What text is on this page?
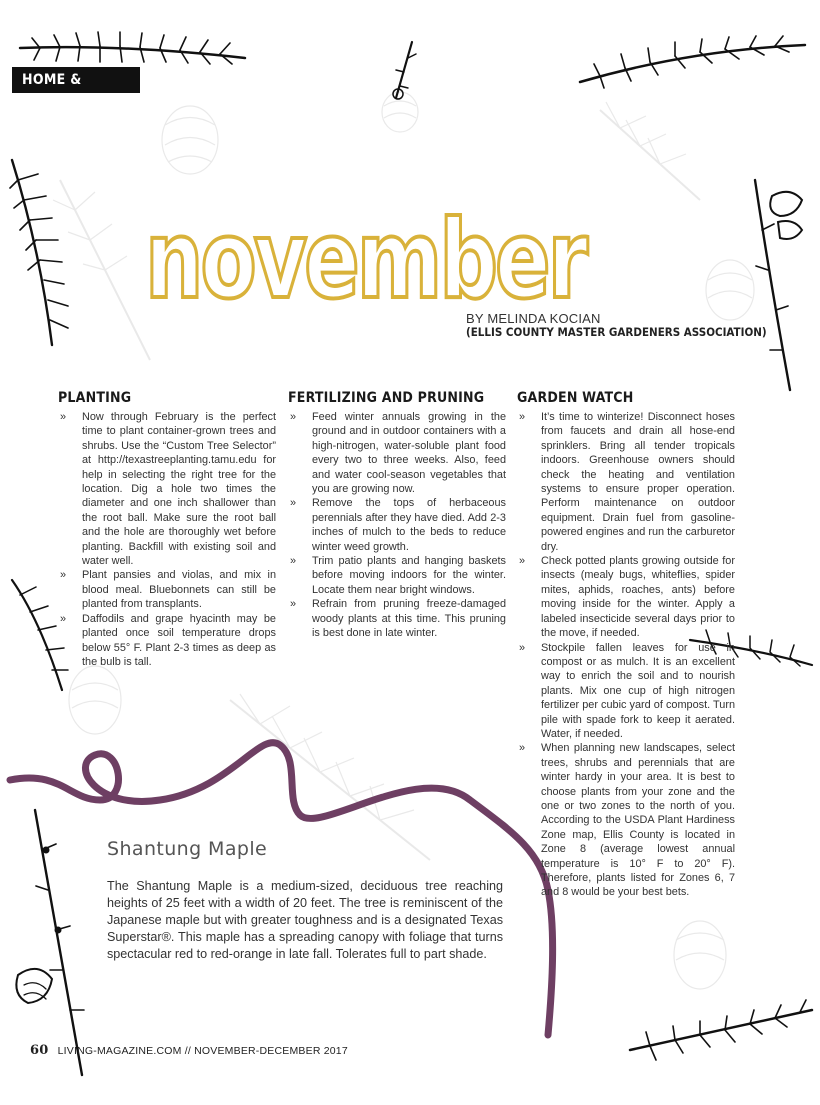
HOME & GARDEN
november
BY MELINDA KOCIAN
(ELLIS COUNTY MASTER GARDENERS ASSOCIATION)
PLANTING
» Now through February is the perfect time to plant container-grown trees and shrubs. Use the “Custom Tree Selector” at http://texastreeplanting.tamu.edu for help in selecting the right tree for the location. Dig a hole two times the diameter and one inch shallower than the root ball. Make sure the root ball and the hole are thoroughly wet before planting. Backfill with existing soil and water well.
» Plant pansies and violas, and mix in blood meal. Bluebonnets can still be planted from transplants.
» Daffodils and grape hyacinth may be planted once soil temperature drops below 55° F. Plant 2-3 times as deep as the bulb is tall.
FERTILIZING AND PRUNING
» Feed winter annuals growing in the ground and in outdoor containers with a high-nitrogen, water-soluble plant food every two to three weeks. Also, feed and water cool-season vegetables that you are growing now.
» Remove the tops of herbaceous perennials after they have died. Add 2-3 inches of mulch to the beds to reduce winter weed growth.
» Trim patio plants and hanging baskets before moving indoors for the winter. Locate them near bright windows.
» Refrain from pruning freeze-damaged woody plants at this time. This pruning is best done in late winter.
GARDEN WATCH
» It’s time to winterize! Disconnect hoses from faucets and drain all hose-end sprinklers. Bring all tender tropicals indoors. Greenhouse owners should check the heating and ventilation systems to ensure proper operation. Perform maintenance on outdoor equipment. Drain fuel from gasoline-powered engines and run the carburetor dry.
» Check potted plants growing outside for insects (mealy bugs, whiteflies, spider mites, aphids, roaches, ants) before moving inside for the winter. Apply a labeled insecticide several days prior to the move, if needed.
» Stockpile fallen leaves for use in compost or as mulch. It is an excellent way to enrich the soil and to nourish plants. Mix one cup of high nitrogen fertilizer per cubic yard of compost. Turn pile with spade fork to keep it aerated. Water, if needed.
» When planning new landscapes, select trees, shrubs and perennials that are winter hardy in your area. It is best to choose plants from your zone and the one or two zones to the north of you. According to the USDA Plant Hardiness Zone map, Ellis County is located in Zone 8 (average lowest annual temperature is 10° F to 20° F). Therefore, plants listed for Zones 6, 7 and 8 would be your best bets.
Shantung Maple
The Shantung Maple is a medium-sized, deciduous tree reaching heights of 25 feet with a width of 20 feet. The tree is reminiscent of the Japanese maple but with greater toughness and is a designated Texas Superstar®. This maple has a spreading canopy with foliage that turns spectacular red to red-orange in late fall. Tolerates full to part shade.
60 LIVING-MAGAZINE.COM // NOVEMBER-DECEMBER 2017
